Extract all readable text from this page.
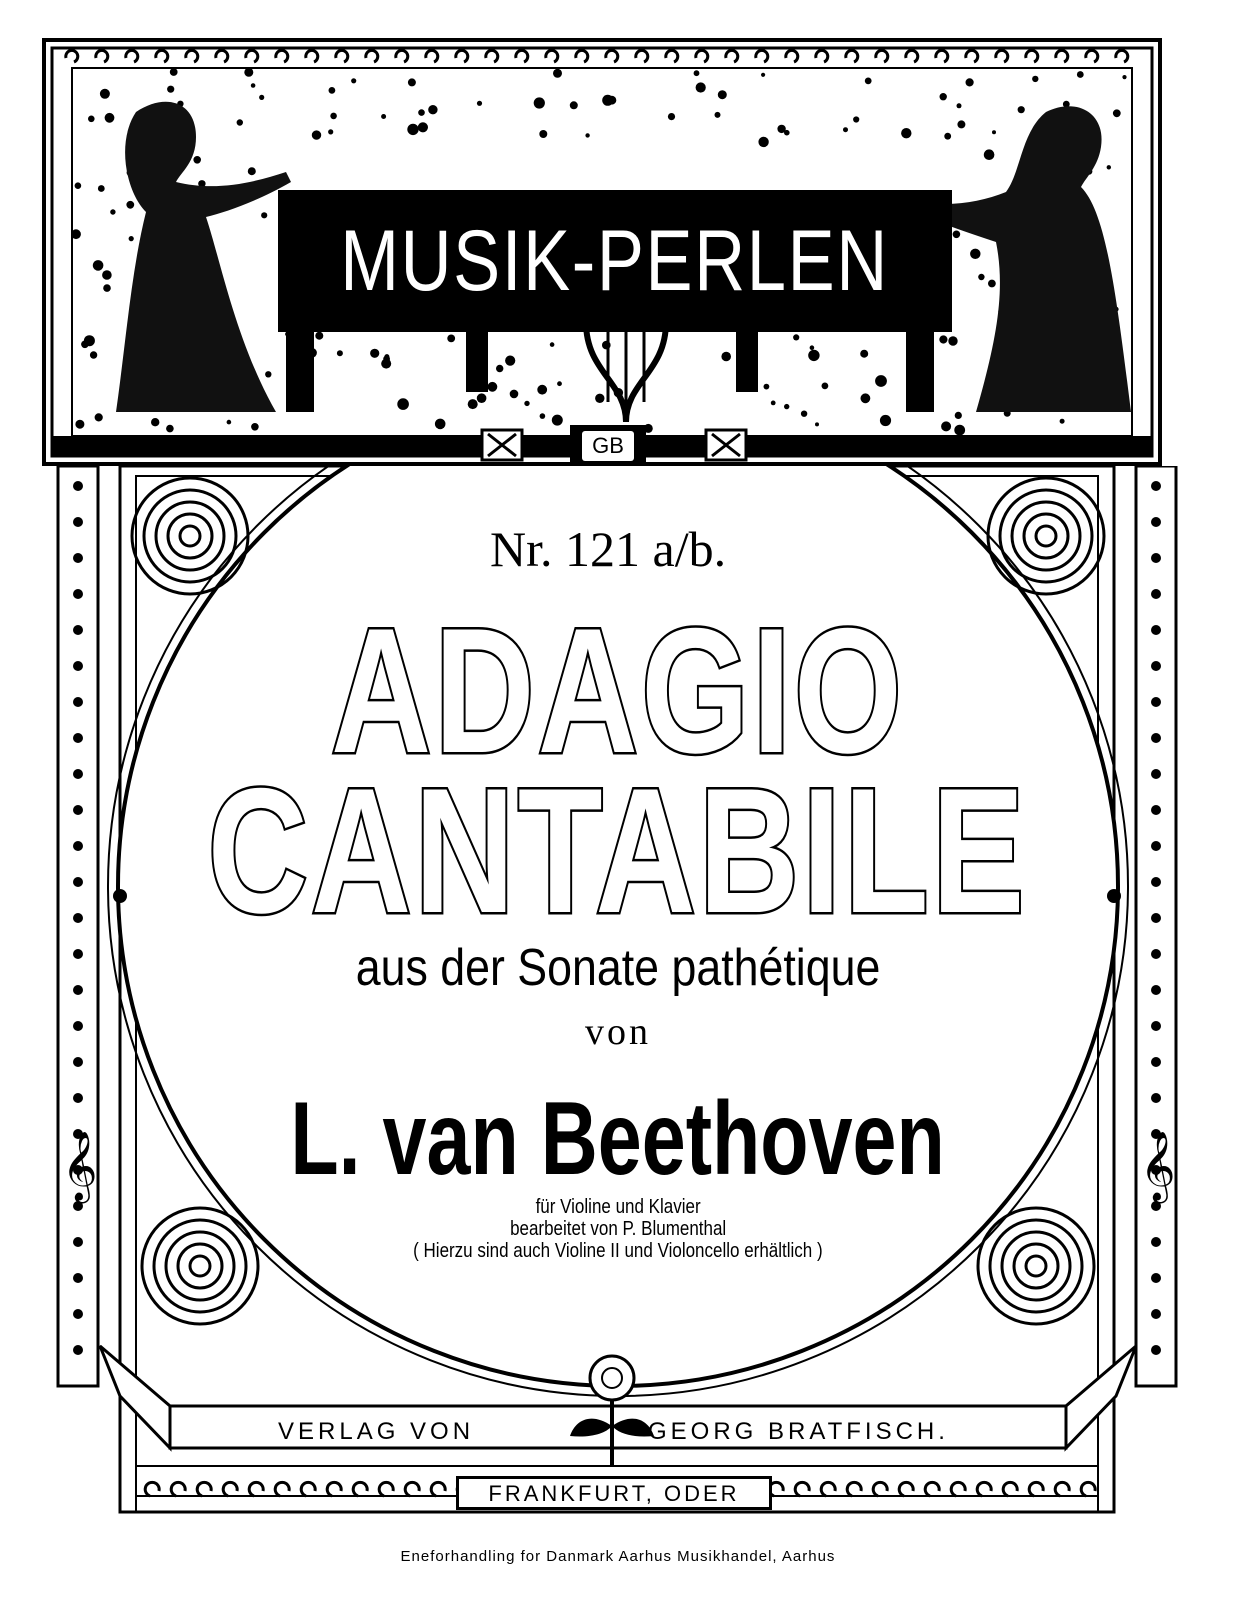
MUSIK-PERLEN
GB
𝄞	𝄞
Nr. 121 a/b.
ADAGIO
CANTABILE
aus der Sonate pathétique
von
L. van Beethoven
für Violine und Klavier
bearbeitet von P. Blumenthal
( Hierzu sind auch Violine II und Violoncello erhältlich )
VERLAG VON	GEORG BRATFISCH.
FRANKFURT, ODER
Eneforhandling for Danmark Aarhus Musikhandel, Aarhus
